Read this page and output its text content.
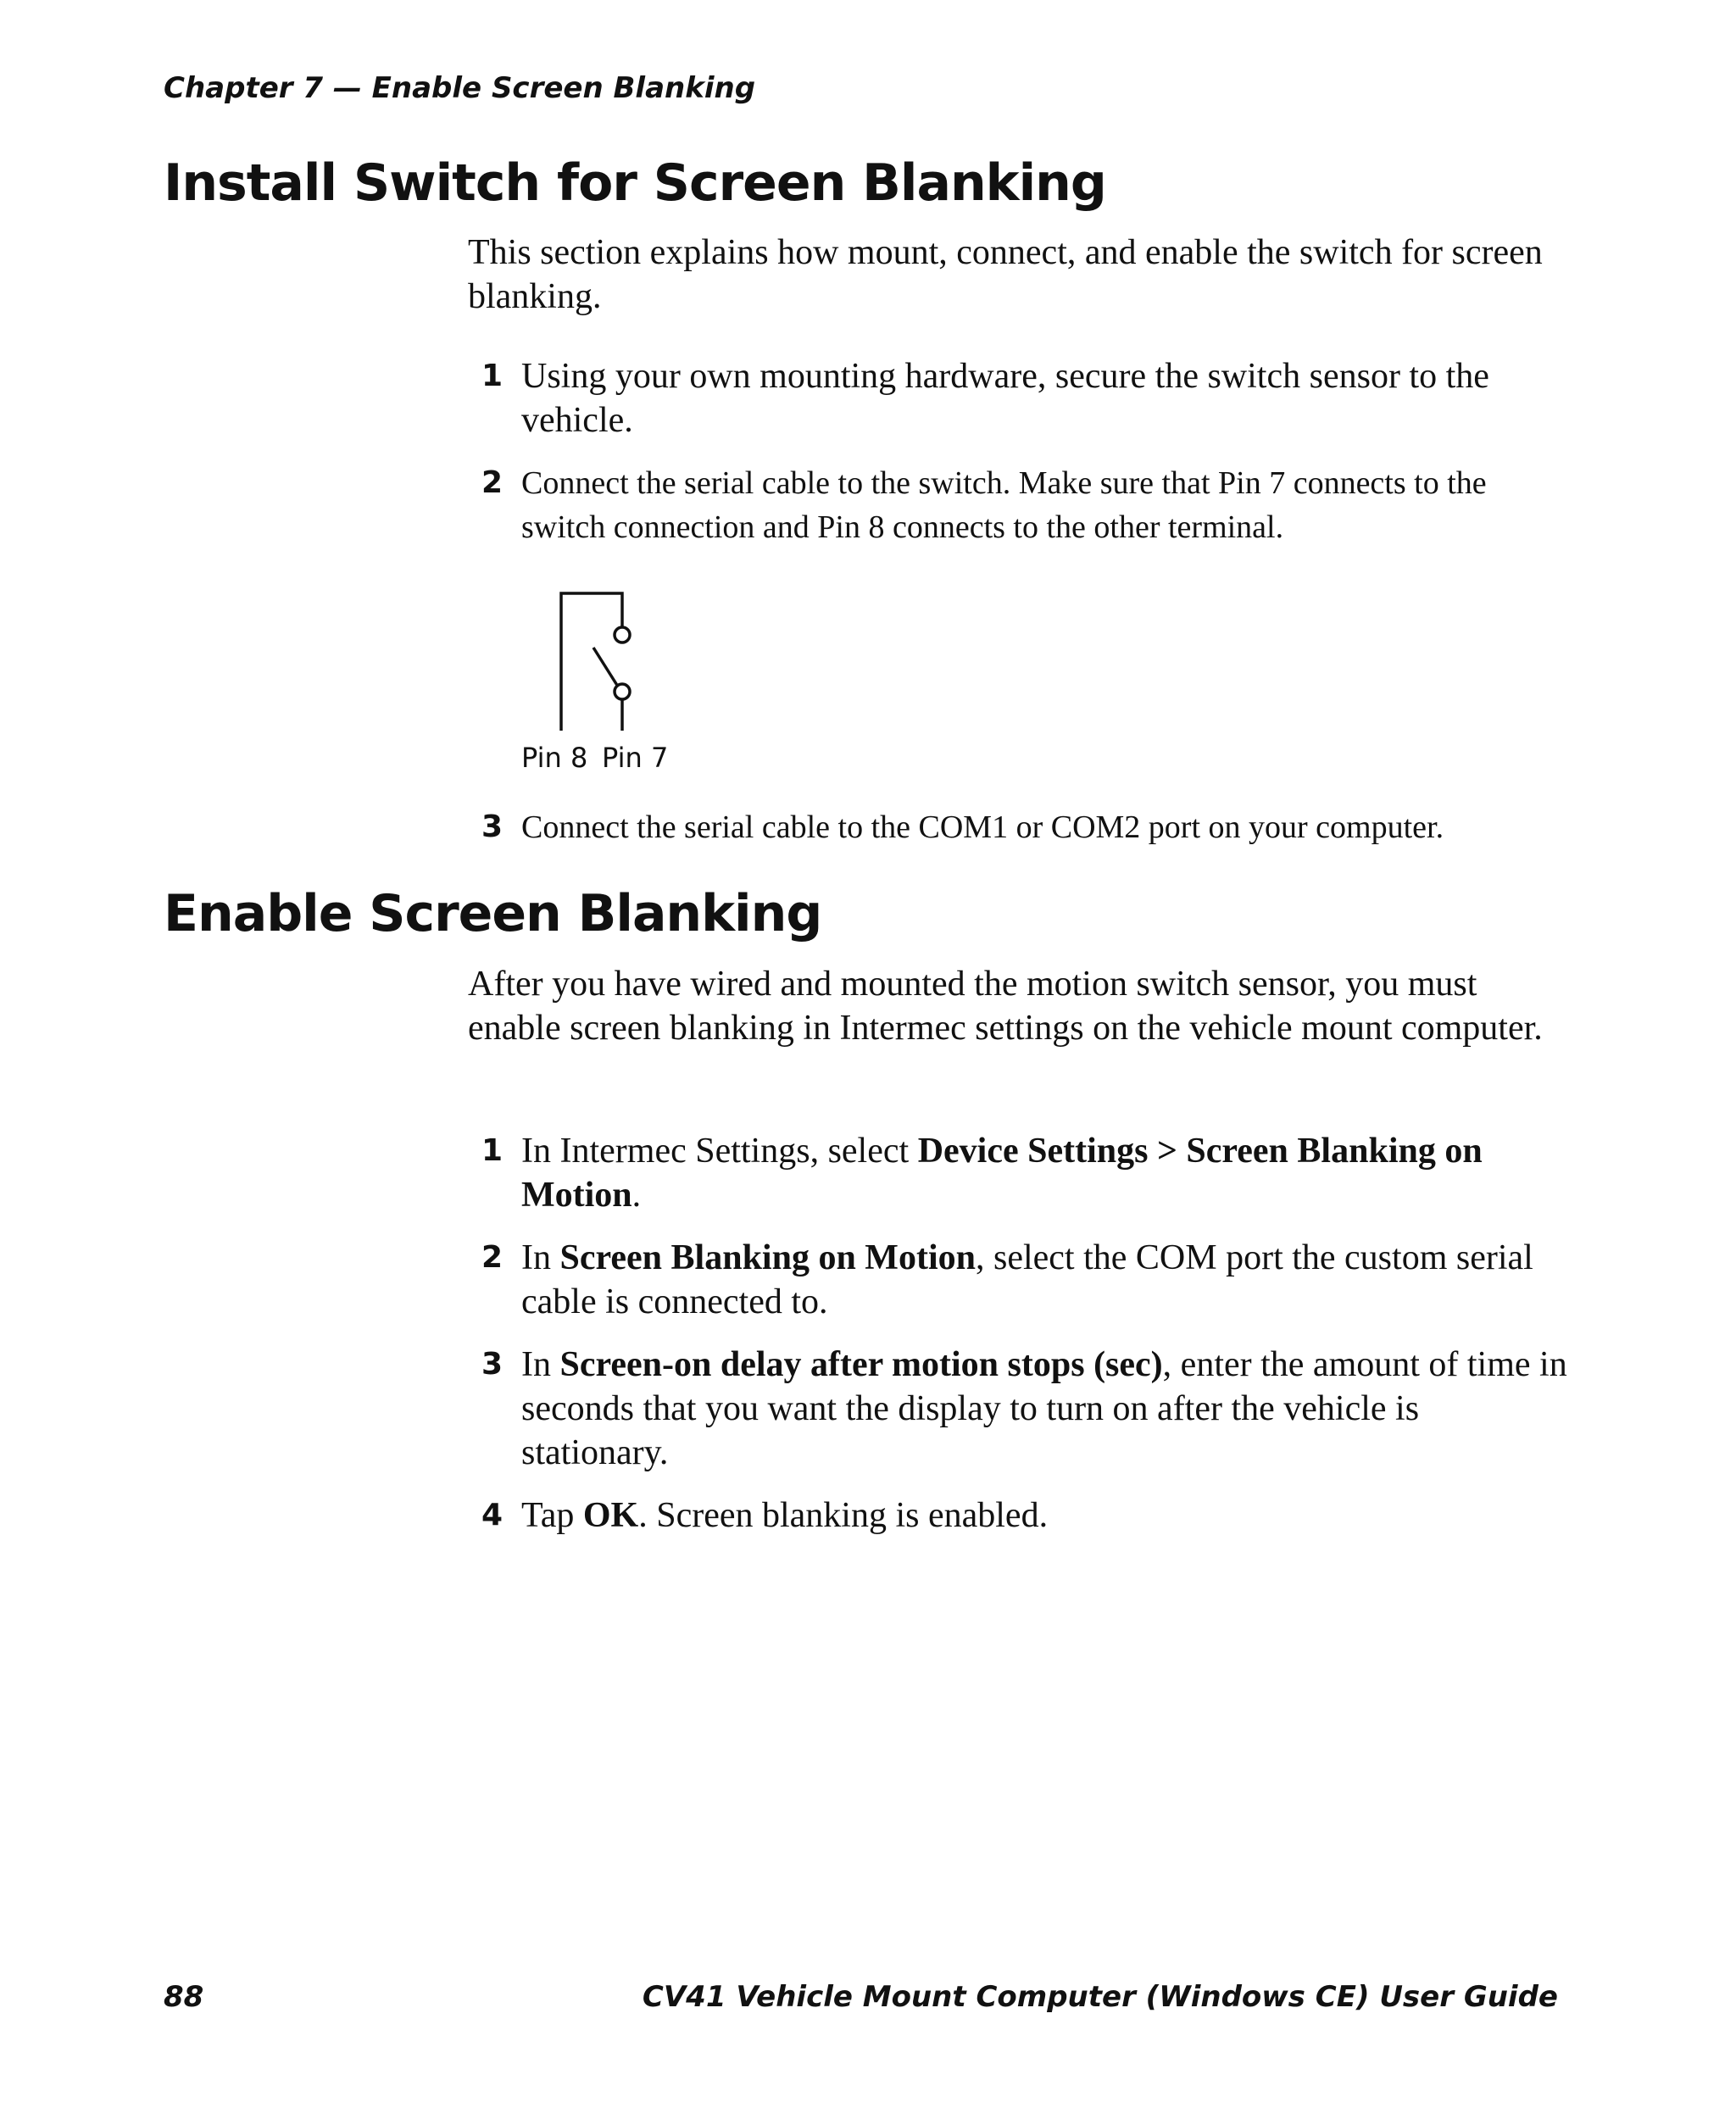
Chapter 7 — Enable Screen Blanking
Install Switch for Screen Blanking

This section explains how mount, connect, and enable the switch for screen blanking.

1 Using your own mounting hardware, secure the switch sensor to the vehicle.
2 Connect the serial cable to the switch. Make sure that Pin 7 connects to the switch connection and Pin 8 connects to the other terminal.
Pin 8 Pin 7
3 Connect the serial cable to the COM1 or COM2 port on your computer.
Enable Screen Blanking

After you have wired and mounted the motion switch sensor, you must enable screen blanking in Intermec settings on the vehicle mount computer.

1 In Intermec Settings, select Device Settings > Screen Blanking on Motion.
2 In Screen Blanking on Motion, select the COM port the custom serial cable is connected to.
3 In Screen-on delay after motion stops (sec), enter the amount of time in seconds that you want the display to turn on after the vehicle is stationary.
4 Tap OK. Screen blanking is enabled.
88	CV41 Vehicle Mount Computer (Windows CE) User Guide
